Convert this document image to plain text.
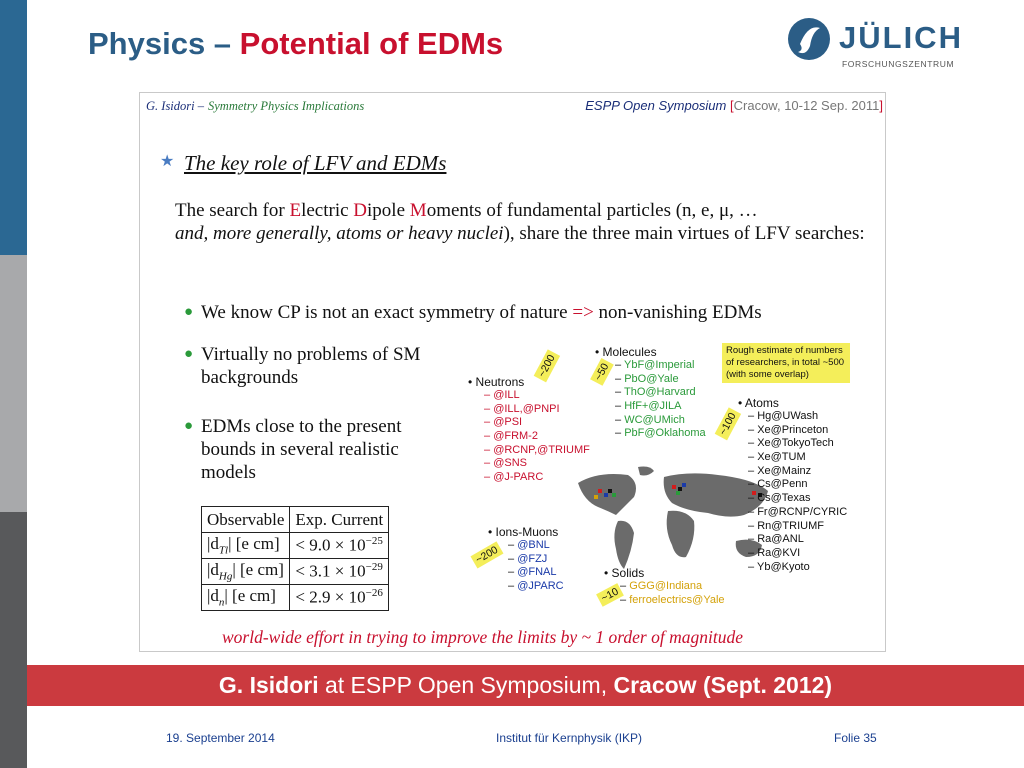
Physics – Potential of EDMs	JÜLICH
FORSCHUNGSZENTRUM
G. Isidori – Symmetry Physics Implications	ESPP Open Symposium [Cracow, 10-12 Sep. 2011]
★ The key role of LFV and EDMs
The search for Electric Dipole Moments of fundamental particles (n, e, μ, …
and, more generally, atoms or heavy nuclei), share the three main virtues of LFV searches:
● We know CP is not an exact symmetry of nature => non-vanishing EDMs
● Virtually no problems of SM backgrounds
● EDMs close to the present bounds in several realistic models
Observable	Exp. Current
$|d_{Tl}|$ [e cm]	< $9.0 \times 10^{-25}$
$|d_{Hg}|$ [e cm]	< $3.1 \times 10^{-29}$
$|d_n|$ [e cm]	< $2.9 \times 10^{-26}$
world-wide effort in trying to improve the limits by ~ 1 order of magnitude
• Neutrons
– @ILL
– @ILL,@PNPI
– @PSI
– @FRM-2
– @RCNP,@TRIUMF
– @SNS
– @J-PARC
• Molecules
– YbF@Imperial
– PbO@Yale
– ThO@Harvard
– HfF+@JILA
– WC@UMich
– PbF@Oklahoma
• Atoms
– Hg@UWash
– Xe@Princeton
– Xe@TokyoTech
– Xe@TUM
– Xe@Mainz
– Cs@Penn
– Cs@Texas
– Fr@RCNP/CYRIC
– Rn@TRIUMF
– Ra@ANL
– Ra@KVI
– Yb@Kyoto
• Ions-Muons
– @BNL
– @FZJ
– @FNAL
– @JPARC
• Solids
– GGG@Indiana
– ferroelectrics@Yale
~200	~50
~100
~200
~10
Rough estimate of numbers of researchers, in total ~500 (with some overlap)
G. Isidori at ESPP Open Symposium, Cracow (Sept. 2012)
19. September 2014	Institut für Kernphysik (IKP)	Folie 35
